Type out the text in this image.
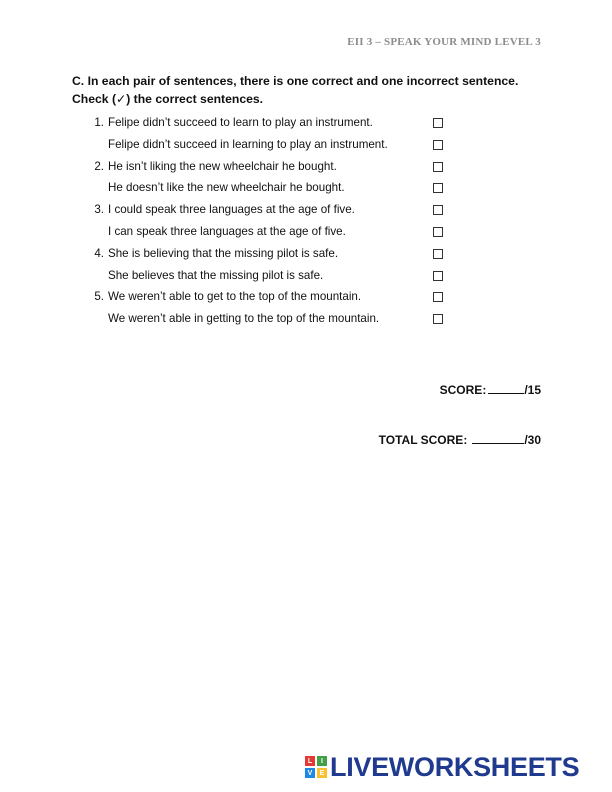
EII 3 – SPEAK YOUR MIND LEVEL 3
C. In each pair of sentences, there is one correct and one incorrect sentence.
Check (✓) the correct sentences.
1. Felipe didn’t succeed to learn to play an instrument.
Felipe didn’t succeed in learning to play an instrument.
2. He isn’t liking the new wheelchair he bought.
He doesn’t like the new wheelchair he bought.
3. I could speak three languages at the age of five.
I can speak three languages at the age of five.
4. She is believing that the missing pilot is safe.
She believes that the missing pilot is safe.
5. We weren’t able to get to the top of the mountain.
We weren’t able in getting to the top of the mountain.
SCORE:	/15
TOTAL SCORE:	/30
L	I
V	E LIVEWORKSHEETS
